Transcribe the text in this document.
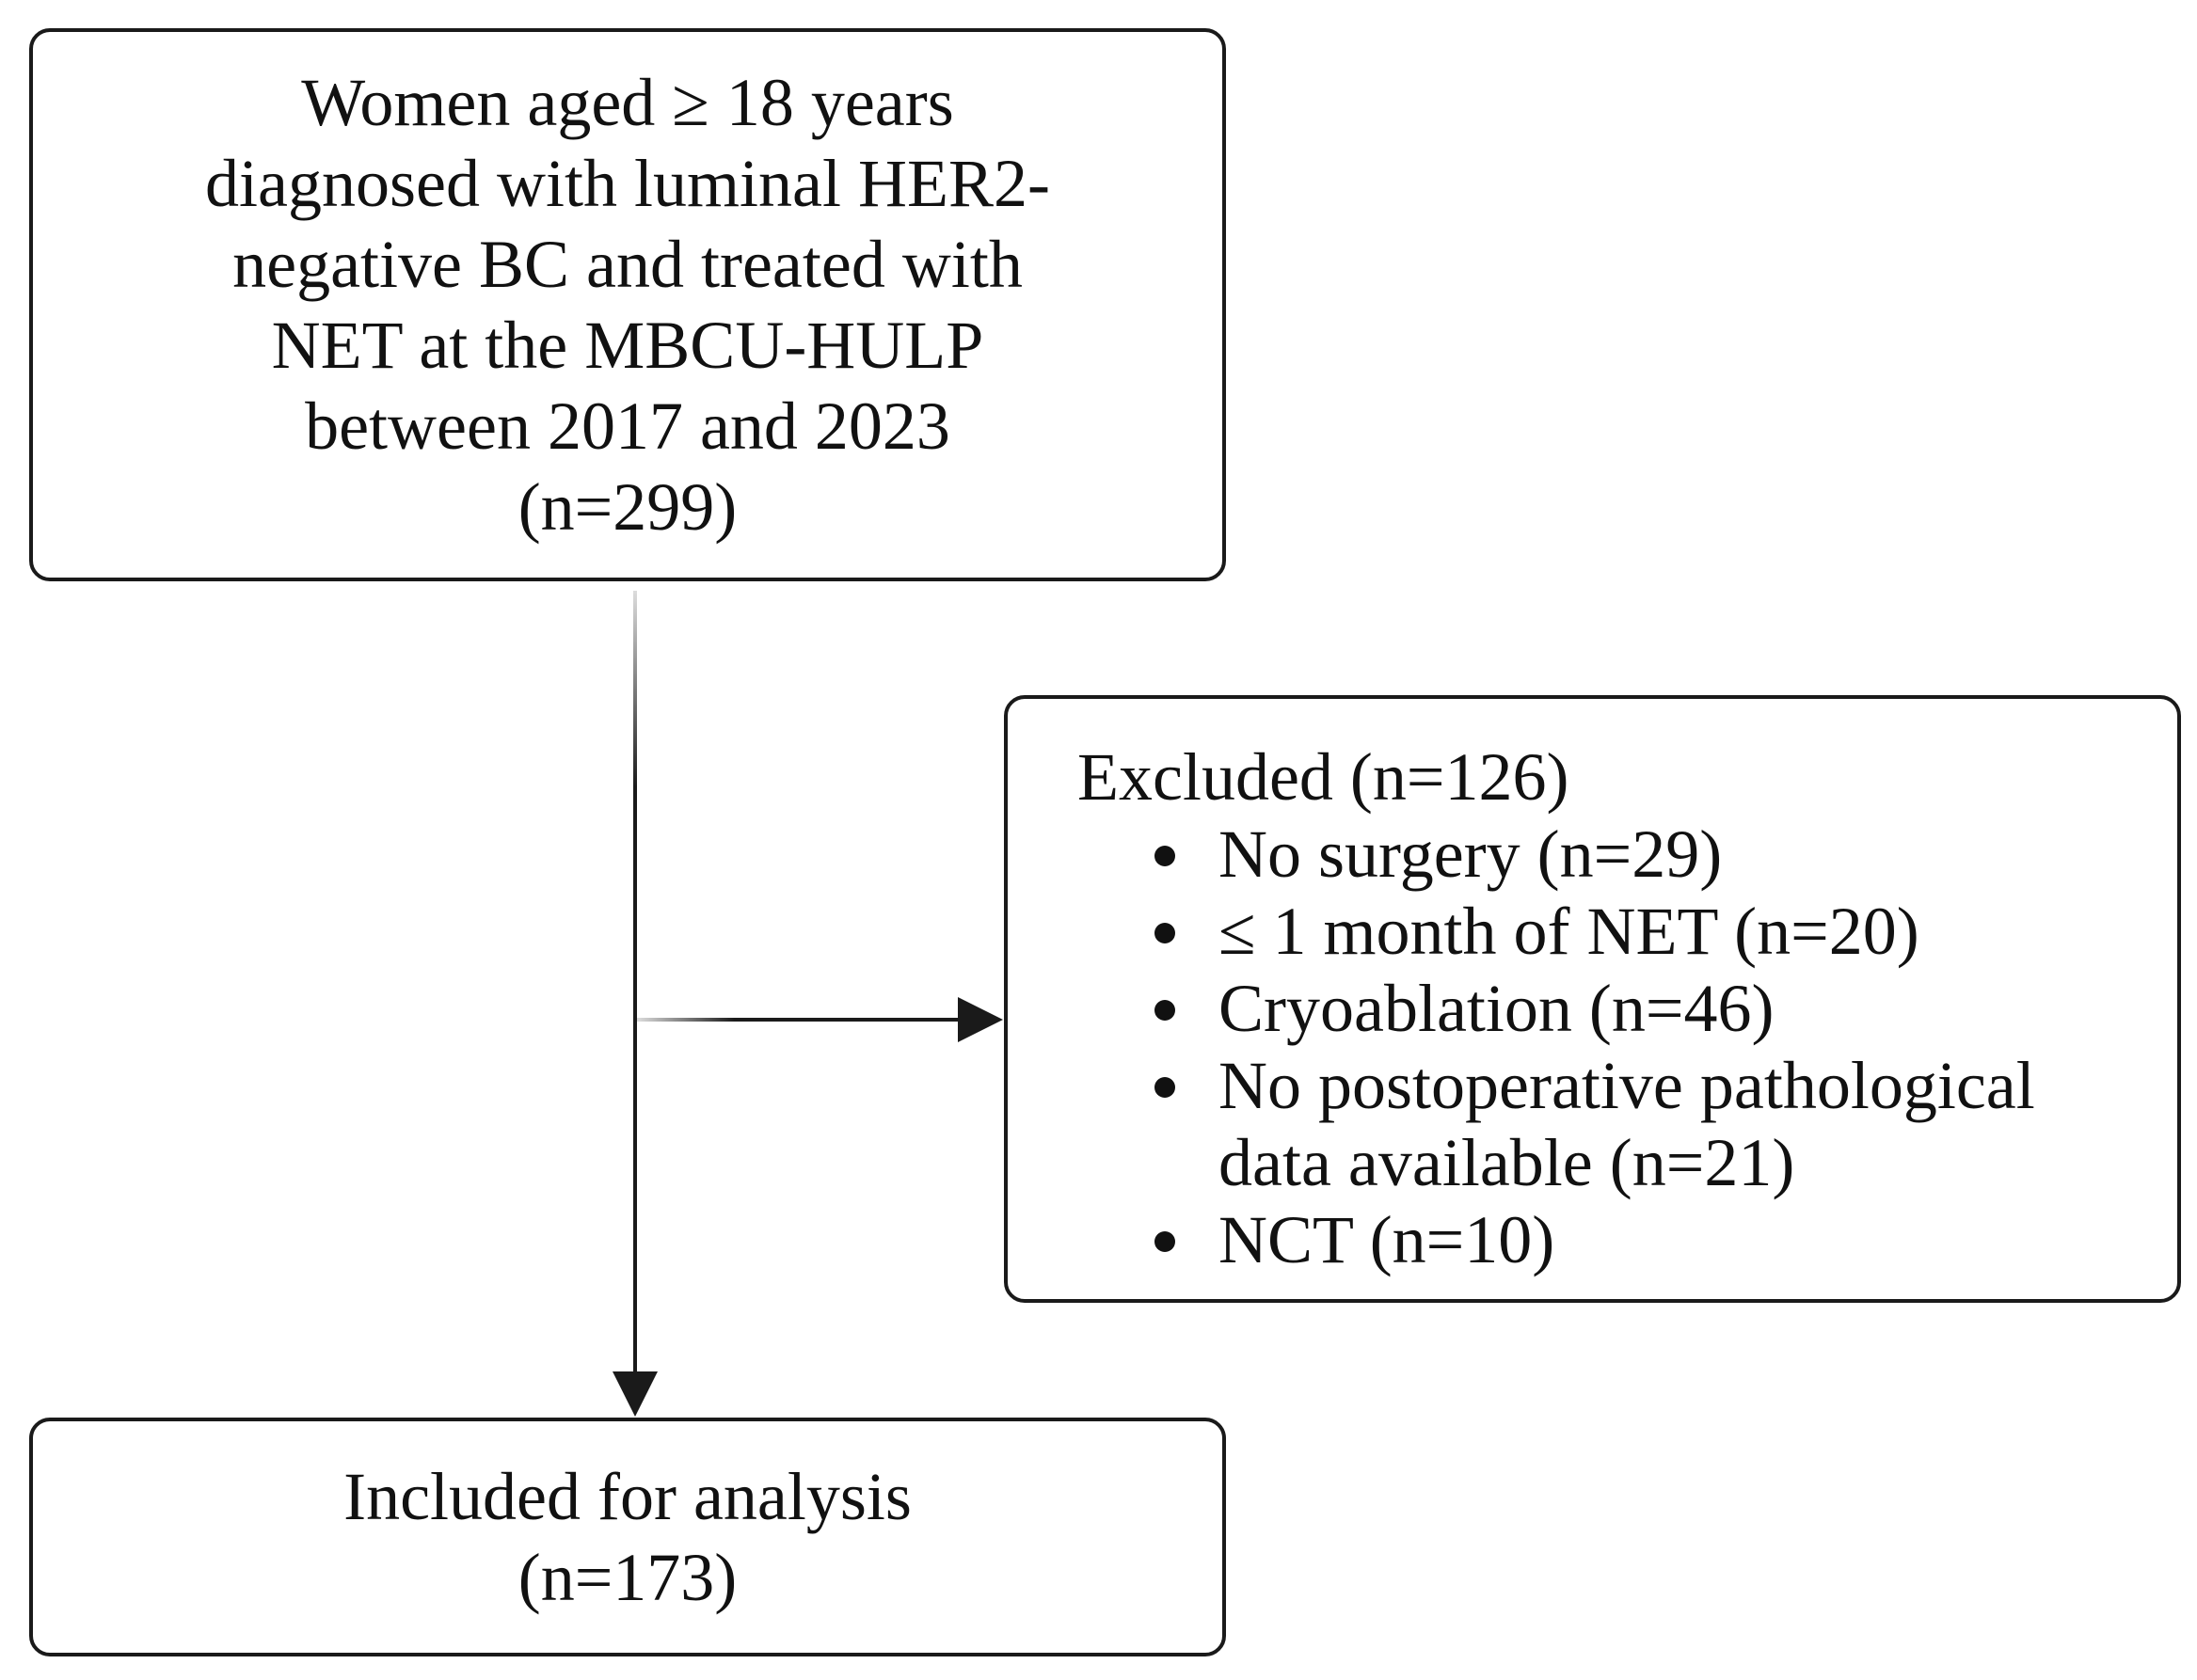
Women aged ≥ 18 years
diagnosed with luminal HER2-
negative BC and treated with
NET at the MBCU-HULP
between 2017 and 2023
(n=299)
Excluded (n=126)
No surgery (n=29)
≤ 1 month of NET (n=20)
Cryoablation (n=46)
No postoperative pathological
data available (n=21)
NCT (n=10)
Included for analysis
(n=173)
